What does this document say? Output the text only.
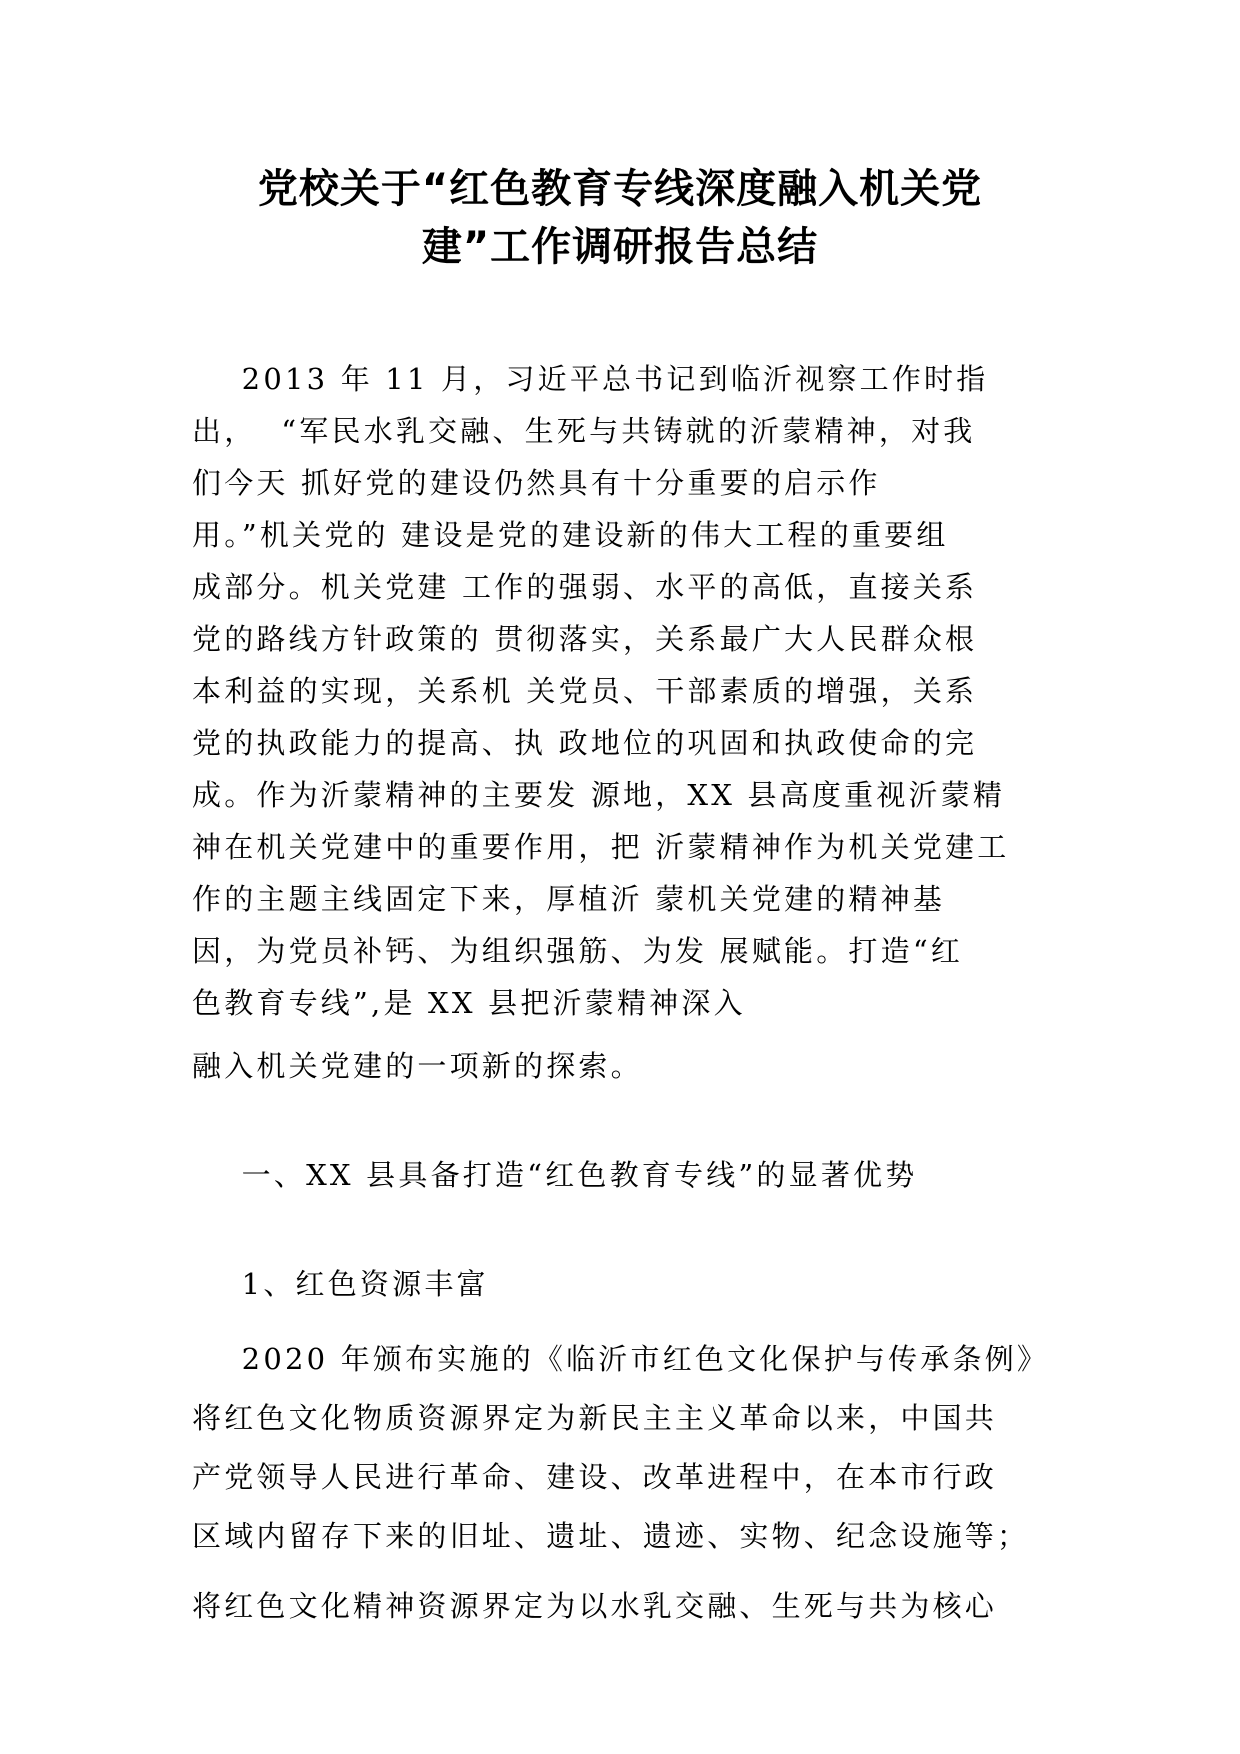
党校关于“红色教育专线深度融入机关党
建”工作调研报告总结
2013 年 11 月，习近平总书记到临沂视察工作时指
出，  “军民水乳交融、生死与共铸就的沂蒙精神，对我
们今天 抓好党的建设仍然具有十分重要的启示作
用。”机关党的 建设是党的建设新的伟大工程的重要组
成部分。机关党建 工作的强弱、水平的高低，直接关系
党的路线方针政策的 贯彻落实，关系最广大人民群众根
本利益的实现，关系机 关党员、干部素质的增强，关系
党的执政能力的提高、执 政地位的巩固和执政使命的完
成。作为沂蒙精神的主要发 源地，XX 县高度重视沂蒙精
神在机关党建中的重要作用，把 沂蒙精神作为机关党建工
作的主题主线固定下来，厚植沂 蒙机关党建的精神基
因，为党员补钙、为组织强筋、为发 展赋能。打造“红
色教育专线”,是 XX 县把沂蒙精神深入
融入机关党建的一项新的探索。
一、XX 县具备打造“红色教育专线”的显著优势
1、红色资源丰富
2020 年颁布实施的《临沂市红色文化保护与传承条例》
将红色文化物质资源界定为新民主主义革命以来，中国共
产党领导人民进行革命、建设、改革进程中，在本市行政
区域内留存下来的旧址、遗址、遗迹、实物、纪念设施等；
将红色文化精神资源界定为以水乳交融、生死与共为核心
